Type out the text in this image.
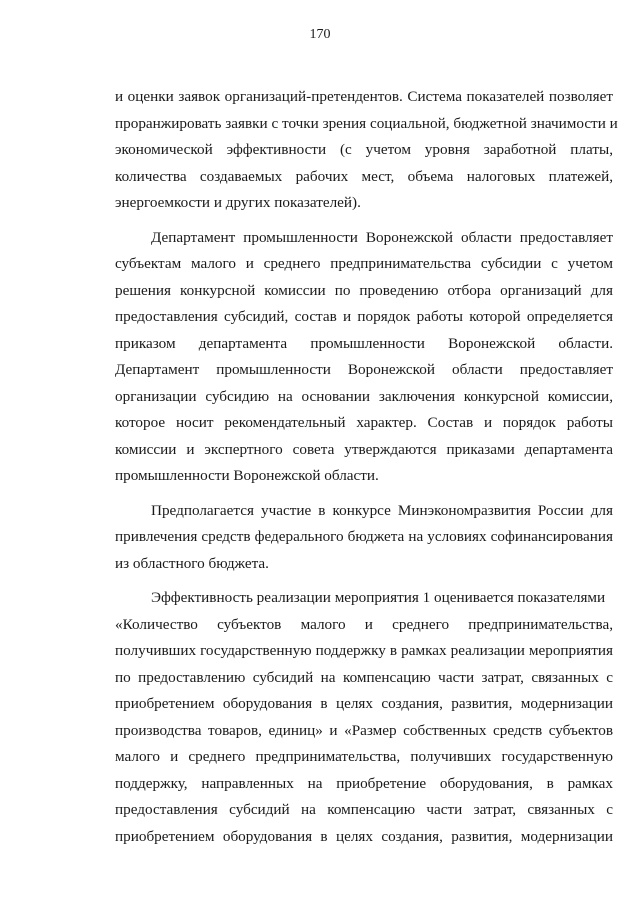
170
и оценки заявок организаций-претендентов. Система показателей позволяет
проранжировать заявки с точки зрения социальной, бюджетной значимости и
экономической эффективности (с учетом уровня заработной платы,
количества создаваемых рабочих мест, объема налоговых платежей,
энергоемкости и других показателей).
Департамент промышленности Воронежской области предоставляет
субъектам малого и среднего предпринимательства субсидии с учетом
решения конкурсной комиссии по проведению отбора организаций для
предоставления субсидий, состав и порядок работы которой определяется
приказом департамента промышленности Воронежской области.
Департамент промышленности Воронежской области предоставляет
организации субсидию на основании заключения конкурсной комиссии,
которое носит рекомендательный характер. Состав и порядок работы
комиссии и экспертного совета утверждаются приказами департамента
промышленности Воронежской области.
Предполагается участие в конкурсе Минэкономразвития России для
привлечения средств федерального бюджета на условиях софинансирования
из областного бюджета.
Эффективность реализации мероприятия 1 оценивается показателями
«Количество субъектов малого и среднего предпринимательства,
получивших государственную поддержку в рамках реализации мероприятия
по предоставлению субсидий на компенсацию части затрат, связанных с
приобретением оборудования в целях создания, развития, модернизации
производства товаров, единиц» и «Размер собственных средств субъектов
малого и среднего предпринимательства, получивших государственную
поддержку, направленных на приобретение оборудования, в рамках
предоставления субсидий на компенсацию части затрат, связанных с
приобретением оборудования в целях создания, развития, модернизации
